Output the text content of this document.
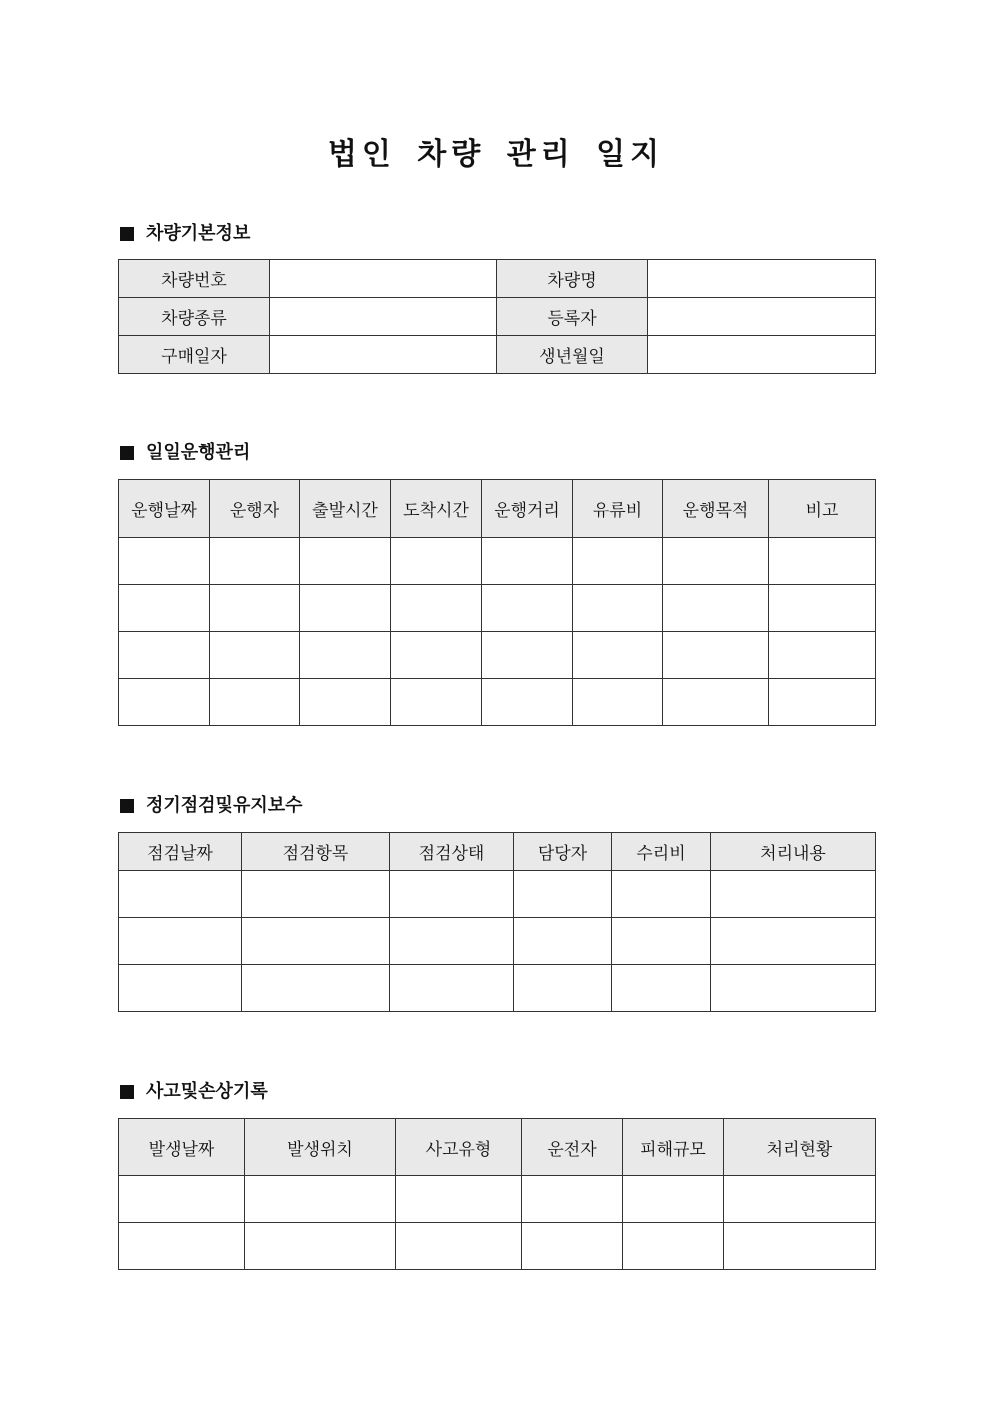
법인 차량 관리 일지
차량기본정보
차량번호		차량명	
차량종류		등록자	
구매일자		생년월일	
일일운행관리
운행날짜	운행자	출발시간	도착시간	운행거리	유류비	운행목적	비고

정기점검및유지보수
점검날짜	점검항목	점검상태	담당자	수리비	처리내용

사고및손상기록
발생날짜	발생위치	사고유형	운전자	피해규모	처리현황
